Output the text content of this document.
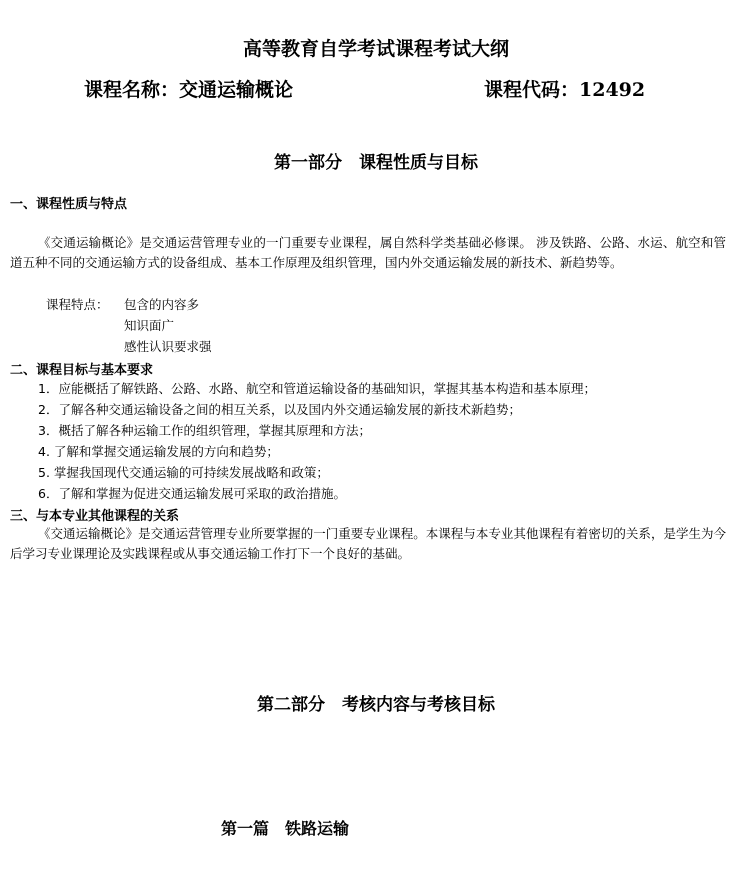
高等教育自学考试课程考试大纲
课程名称：交通运输概论	课程代码：12492
第一部分　课程性质与目标
一、课程性质与特点
《交通运输概论》是交通运营管理专业的一门重要专业课程，属自然科学类基础必修课。 涉及铁路、公路、水运、航空和管道五种不同的交通运输方式的设备组成、基本工作原理及组织管理，国内外交通运输发展的新技术、新趋势等。
课程特点： 包含的内容多
知识面广
感性认识要求强
二、课程目标与基本要求
1．应能概括了解铁路、公路、水路、航空和管道运输设备的基础知识，掌握其基本构造和基本原理；
2．了解各种交通运输设备之间的相互关系，以及国内外交通运输发展的新技术新趋势；
3．概括了解各种运输工作的组织管理，掌握其原理和方法；
4. 了解和掌握交通运输发展的方向和趋势；
5. 掌握我国现代交通运输的可持续发展战略和政策；
6．了解和掌握为促进交通运输发展可采取的政治措施。
三、与本专业其他课程的关系
《交通运输概论》是交通运营管理专业所要掌握的一门重要专业课程。本课程与本专业其他课程有着密切的关系，是学生为今后学习专业课理论及实践课程或从事交通运输工作打下一个良好的基础。
第二部分　考核内容与考核目标
第一篇　铁路运输
